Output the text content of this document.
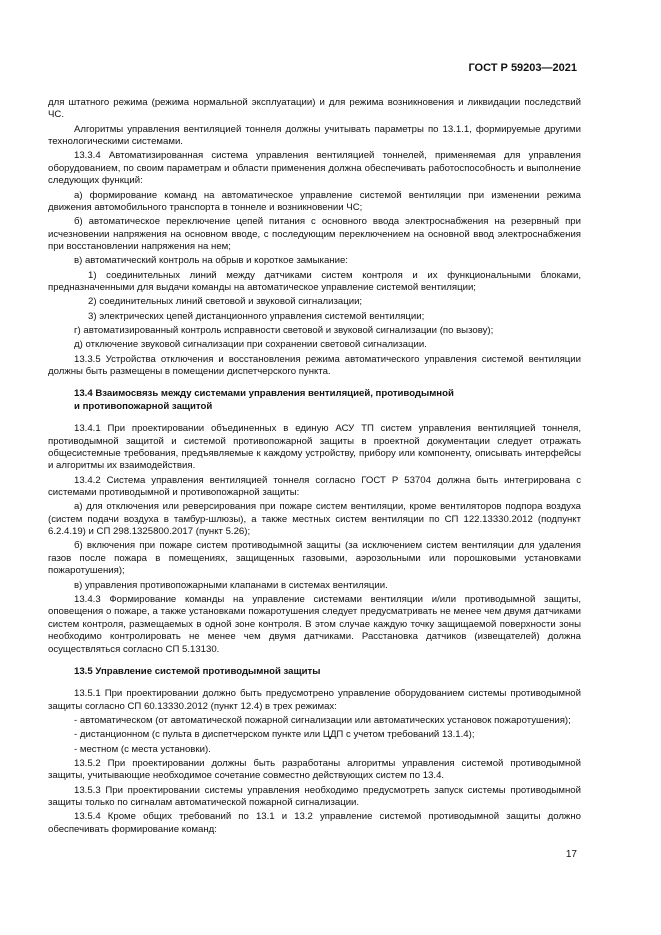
ГОСТ Р 59203—2021

для штатного режима (режима нормальной эксплуатации) и для режима возникновения и ликвидации последствий ЧС.

Алгоритмы управления вентиляцией тоннеля должны учитывать параметры по 13.1.1, формируемые другими технологическими системами.

13.3.4 Автоматизированная система управления вентиляцией тоннелей, применяемая для управления оборудованием, по своим параметрам и области применения должна обеспечивать работоспособность и выполнение следующих функций:

а) формирование команд на автоматическое управление системой вентиляции при изменении режима движения автомобильного транспорта в тоннеле и возникновении ЧС;

б) автоматическое переключение цепей питания с основного ввода электроснабжения на резервный при исчезновении напряжения на основном вводе, с последующим переключением на основной ввод электроснабжения при восстановлении напряжения на нем;

в) автоматический контроль на обрыв и короткое замыкание:

1) соединительных линий между датчиками систем контроля и их функциональными блоками, предназначенными для выдачи команды на автоматическое управление системой вентиляции;

2) соединительных линий световой и звуковой сигнализации;

3) электрических цепей дистанционного управления системой вентиляции;

г) автоматизированный контроль исправности световой и звуковой сигнализации (по вызову);

д) отключение звуковой сигнализации при сохранении световой сигнализации.

13.3.5 Устройства отключения и восстановления режима автоматического управления системой вентиляции должны быть размещены в помещении диспетчерского пункта.

13.4 Взаимосвязь между системами управления вентиляцией, противодымной
и противопожарной защитой

13.4.1 При проектировании объединенных в единую АСУ ТП систем управления вентиляцией тоннеля, противодымной защитой и системой противопожарной защиты в проектной документации следует отражать общесистемные требования, предъявляемые к каждому устройству, прибору или компоненту, описывать интерфейсы и алгоритмы их взаимодействия.

13.4.2 Система управления вентиляцией тоннеля согласно ГОСТ Р 53704 должна быть интегрирована с системами противодымной и противопожарной защиты:

а) для отключения или реверсирования при пожаре систем вентиляции, кроме вентиляторов подпора воздуха (систем подачи воздуха в тамбур-шлюзы), а также местных систем вентиляции по СП 122.13330.2012 (подпункт 6.2.4.19) и СП 298.1325800.2017 (пункт 5.26);

б) включения при пожаре систем противодымной защиты (за исключением систем вентиляции для удаления газов после пожара в помещениях, защищенных газовыми, аэрозольными или порошковыми установками пожаротушения);

в) управления противопожарными клапанами в системах вентиляции.

13.4.3 Формирование команды на управление системами вентиляции и/или противодымной защиты, оповещения о пожаре, а также установками пожаротушения следует предусматривать не менее чем двумя датчиками систем контроля, размещаемых в одной зоне контроля. В этом случае каждую точку защищаемой поверхности зоны необходимо контролировать не менее чем двумя датчиками. Расстановка датчиков (извещателей) должна осуществляться согласно СП 5.13130.

13.5 Управление системой противодымной защиты

13.5.1 При проектировании должно быть предусмотрено управление оборудованием системы противодымной защиты согласно СП 60.13330.2012 (пункт 12.4) в трех режимах:

- автоматическом (от автоматической пожарной сигнализации или автоматических установок пожаротушения);

- дистанционном (с пульта в диспетчерском пункте или ЦДП с учетом требований 13.1.4);

- местном (с места установки).

13.5.2 При проектировании должны быть разработаны алгоритмы управления системой противодымной защиты, учитывающие необходимое сочетание совместно действующих систем по 13.4.

13.5.3 При проектировании системы управления необходимо предусмотреть запуск системы противодымной защиты только по сигналам автоматической пожарной сигнализации.

13.5.4 Кроме общих требований по 13.1 и 13.2 управление системой противодымной защиты должно обеспечивать формирование команд:

17
